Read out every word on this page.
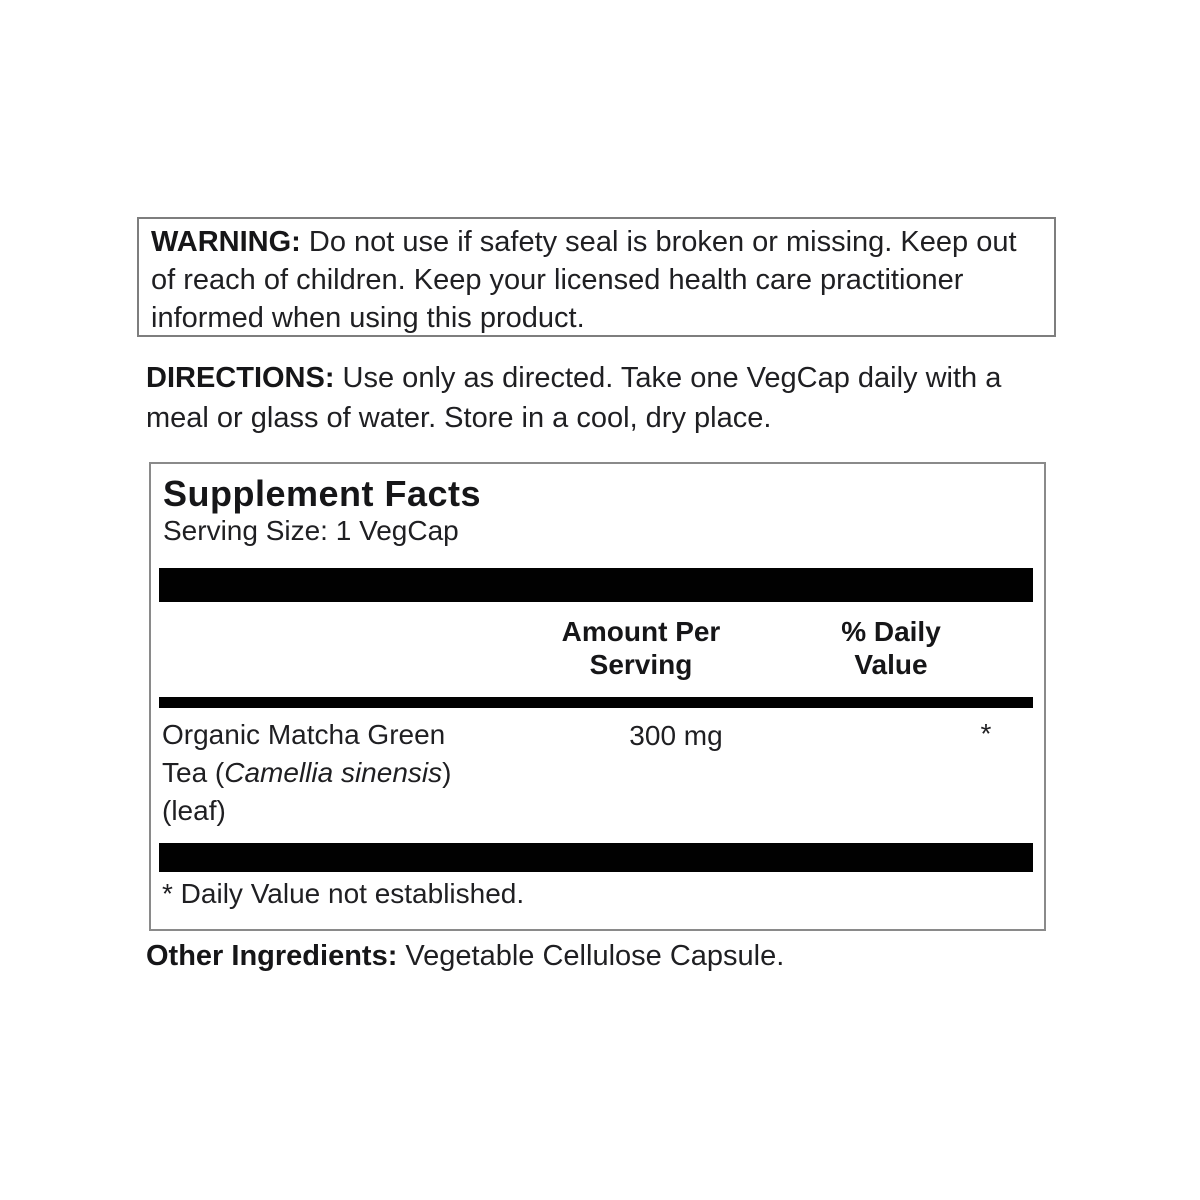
WARNING: Do not use if safety seal is broken or missing. Keep out
of reach of children. Keep your licensed health care practitioner
informed when using this product.
DIRECTIONS: Use only as directed. Take one VegCap daily with a
meal or glass of water. Store in a cool, dry place.
Supplement Facts
Serving Size: 1 VegCap
Amount Per
Serving
% Daily
Value
Organic Matcha Green Tea (Camellia sinensis) (leaf)
300 mg	*
* Daily Value not established.
Other Ingredients: Vegetable Cellulose Capsule.
